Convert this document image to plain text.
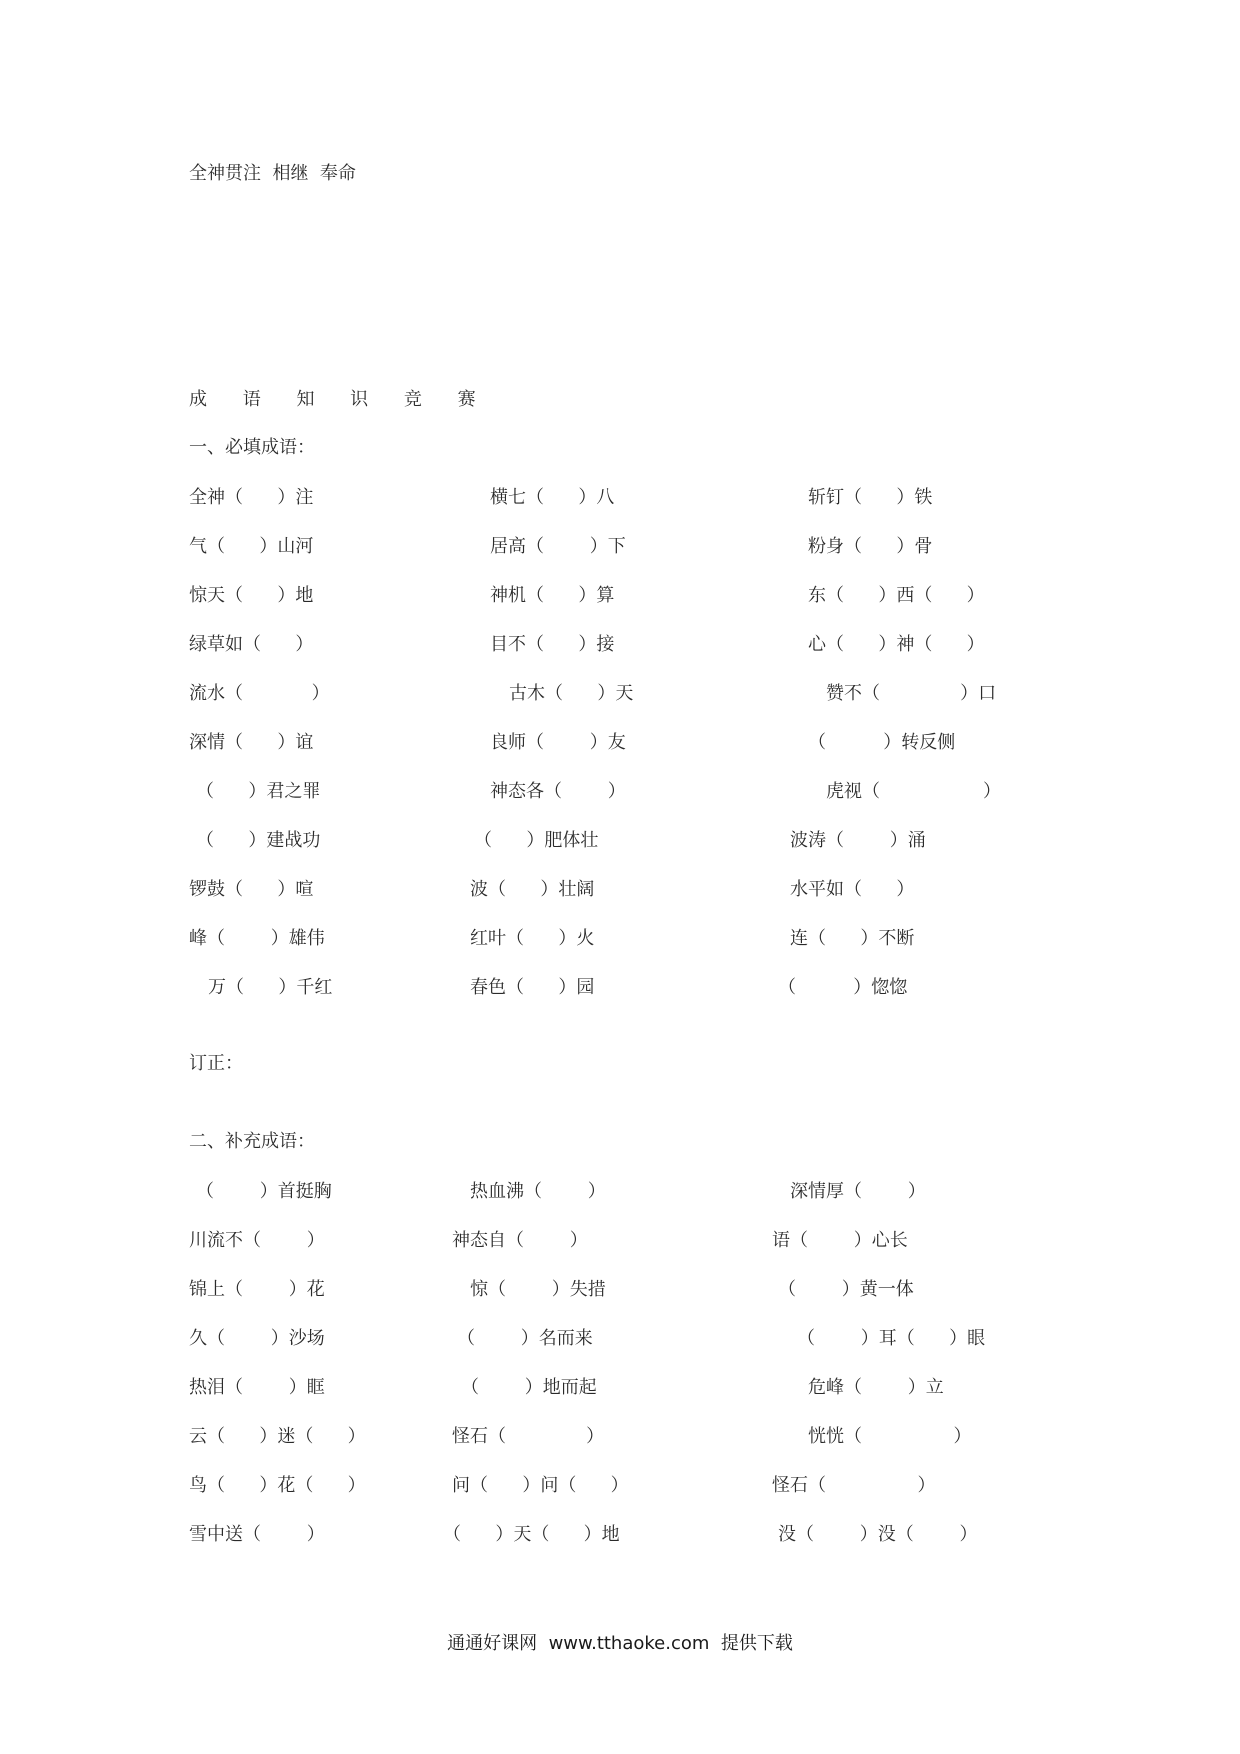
全神贯注  相继  奉命
成 语 知 识 竞 赛
一、必填成语：
全神（      ）注	横七（      ）八	斩钉（      ）铁
气（      ）山河	居高（        ）下	粉身（      ）骨
惊天（      ）地	神机（      ）算	东（      ）西（      ）
绿草如（      ）	目不（      ）接	心（      ）神（      ）
流水（            ）	古木（      ）天	赞不（              ）口
深情（      ）谊	良师（        ）友	（          ）转反侧
（      ）君之罪	神态各（        ）	虎视（                  ）
（      ）建战功	（      ）肥体壮	波涛（        ）涌
锣鼓（      ）喧	波（      ）壮阔	水平如（      ）
峰（        ）雄伟	红叶（      ）火	连（      ）不断
万（      ）千红	春色（      ）园	（          ）惚惚
订正：
二、补充成语：
（        ）首挺胸	热血沸（        ）	深情厚（        ）
川流不（        ）	神态自（        ）	语（        ）心长
锦上（        ）花	惊（        ）失措	（        ）黄一体
久（        ）沙场	（        ）名而来	（        ）耳（      ）眼
热泪（        ）眶	（        ）地而起	危峰（        ）立
云（      ）迷（      ）	怪石（              ）	恍恍（                ）
鸟（      ）花（      ）	问（      ）问（      ）	怪石（                ）
雪中送（        ）	（      ）天（      ）地	没（        ）没（        ）
通通好课网  www.tthaoke.com  提供下载
